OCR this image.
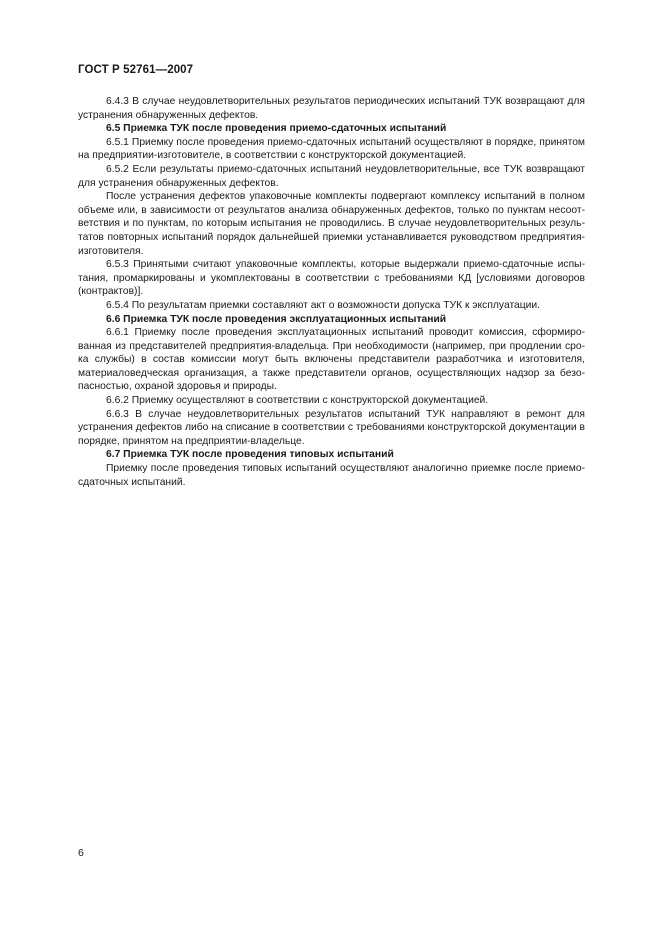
ГОСТ Р 52761—2007

6.4.3 В случае неудовлетворительных результатов периодических испытаний ТУК возвращают для устранения обнаруженных дефектов.

6.5 Приемка ТУК после проведения приемо-сдаточных испытаний

6.5.1 Приемку после проведения приемо-сдаточных испытаний осуществляют в порядке, принятом на предприятии-изготовителе, в соответствии с конструкторской документацией.

6.5.2 Если результаты приемо-сдаточных испытаний неудовлетворительные, все ТУК возвращают для устранения обнаруженных дефектов.

После устранения дефектов упаковочные комплекты подвергают комплексу испытаний в полном объеме или, в зависимости от результатов анализа обнаруженных дефектов, только по пунктам несоответствия и по пунктам, по которым испытания не проводились. В случае неудовлетворительных результатов повторных испытаний порядок дальнейшей приемки устанавливается руководством предприятия-изготовителя.

6.5.3 Принятыми считают упаковочные комплекты, которые выдержали приемо-сдаточные испытания, промаркированы и укомплектованы в соответствии с требованиями КД [условиями договоров (контрактов)].

6.5.4 По результатам приемки составляют акт о возможности допуска ТУК к эксплуатации.

6.6 Приемка ТУК после проведения эксплуатационных испытаний

6.6.1 Приемку после проведения эксплуатационных испытаний проводит комиссия, сформированная из представителей предприятия-владельца. При необходимости (например, при продлении срока службы) в состав комиссии могут быть включены представители разработчика и изготовителя, материаловедческая организация, а также представители органов, осуществляющих надзор за безопасностью, охраной здоровья и природы.

6.6.2 Приемку осуществляют в соответствии с конструкторской документацией.

6.6.3 В случае неудовлетворительных результатов испытаний ТУК направляют в ремонт для устранения дефектов либо на списание в соответствии с требованиями конструкторской документации в порядке, принятом на предприятии-владельце.

6.7 Приемка ТУК после проведения типовых испытаний

Приемку после проведения типовых испытаний осуществляют аналогично приемке после приемо-сдаточных испытаний.

6
